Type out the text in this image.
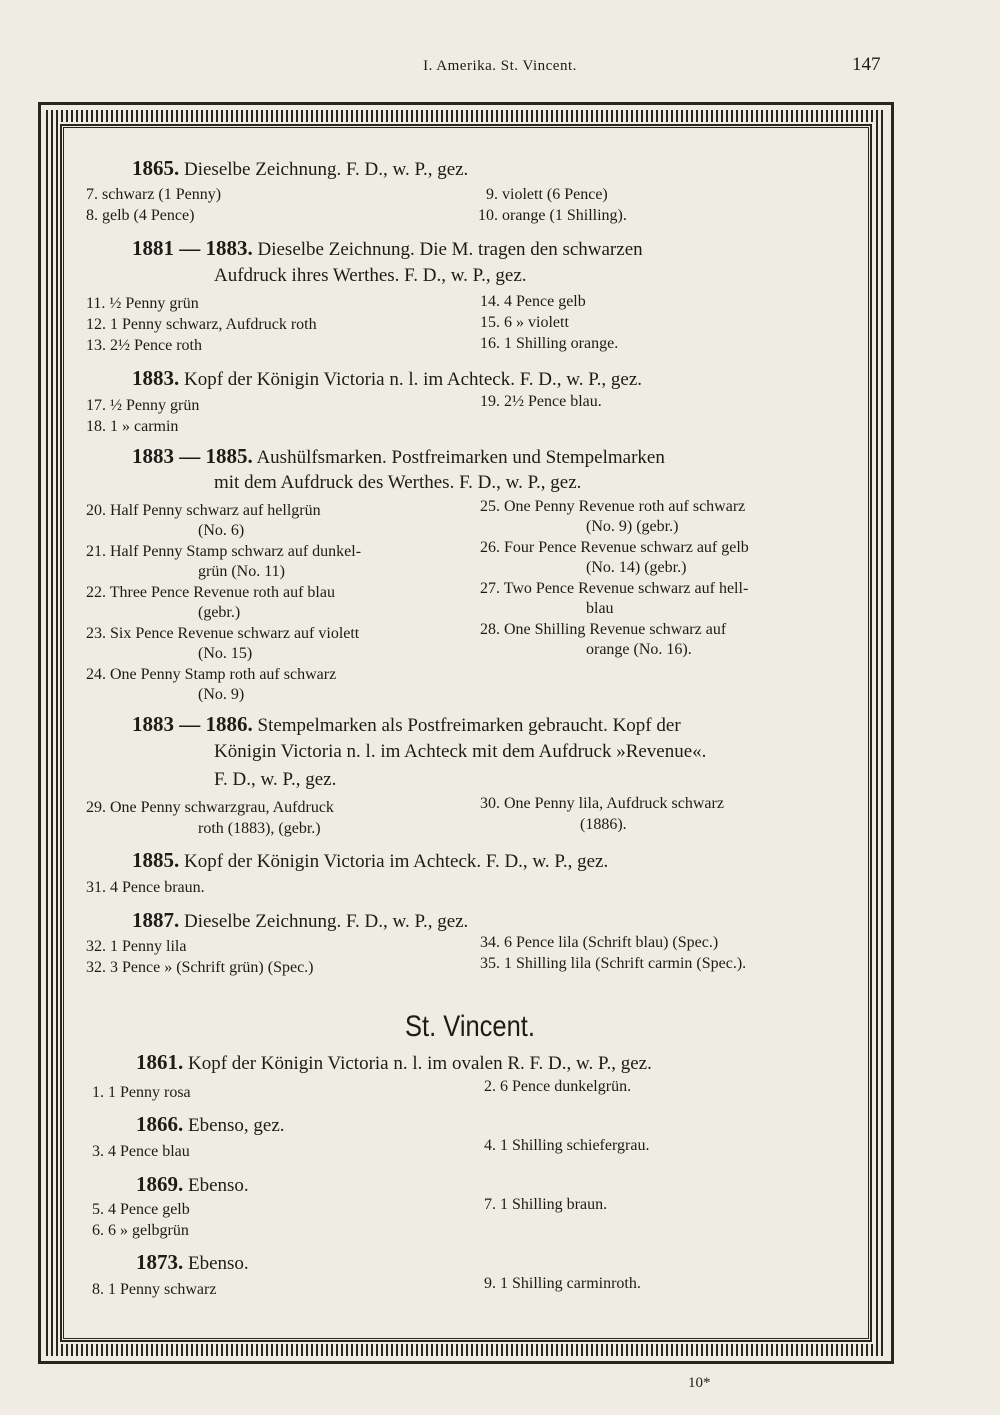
I. Amerika. St. Vincent.	147
1865. Dieselbe Zeichnung. F. D., w. P., gez.
7. schwarz (1 Penny)
8. gelb (4 Pence)
9. violett (6 Pence)
10. orange (1 Shilling).
1881 — 1883. Dieselbe Zeichnung. Die M. tragen den schwarzen
Aufdruck ihres Werthes. F. D., w. P., gez.
11. ½ Penny grün
12. 1 Penny schwarz, Aufdruck roth
13. 2½ Pence roth
14. 4 Pence gelb
15. 6 » violett
16. 1 Shilling orange.
1883. Kopf der Königin Victoria n. l. im Achteck. F. D., w. P., gez.
17. ½ Penny grün
18. 1 » carmin
19. 2½ Pence blau.
1883 — 1885. Aushülfsmarken. Postfreimarken und Stempelmarken
mit dem Aufdruck des Werthes. F. D., w. P., gez.
20. Half Penny schwarz auf hellgrün
(No. 6)
21. Half Penny Stamp schwarz auf dunkel-
grün (No. 11)
22. Three Pence Revenue roth auf blau
(gebr.)
23. Six Pence Revenue schwarz auf violett
(No. 15)
24. One Penny Stamp roth auf schwarz
(No. 9)
25. One Penny Revenue roth auf schwarz
(No. 9) (gebr.)
26. Four Pence Revenue schwarz auf gelb
(No. 14) (gebr.)
27. Two Pence Revenue schwarz auf hell-
blau
28. One Shilling Revenue schwarz auf
orange (No. 16).
1883 — 1886. Stempelmarken als Postfreimarken gebraucht. Kopf der
Königin Victoria n. l. im Achteck mit dem Aufdruck »Revenue«.
F. D., w. P., gez.
29. One Penny schwarzgrau, Aufdruck
roth (1883), (gebr.)
30. One Penny lila, Aufdruck schwarz
(1886).
1885. Kopf der Königin Victoria im Achteck. F. D., w. P., gez.
31. 4 Pence braun.
1887. Dieselbe Zeichnung. F. D., w. P., gez.
32. 1 Penny lila
32. 3 Pence » (Schrift grün) (Spec.)
34. 6 Pence lila (Schrift blau) (Spec.)
35. 1 Shilling lila (Schrift carmin (Spec.).
St. Vincent.
1861. Kopf der Königin Victoria n. l. im ovalen R. F. D., w. P., gez.
1. 1 Penny rosa	2. 6 Pence dunkelgrün.
1866. Ebenso, gez.
3. 4 Pence blau	4. 1 Shilling schiefergrau.
1869. Ebenso.
5. 4 Pence gelb
6. 6 » gelbgrün
7. 1 Shilling braun.
1873. Ebenso.
8. 1 Penny schwarz	9. 1 Shilling carminroth.
10*
